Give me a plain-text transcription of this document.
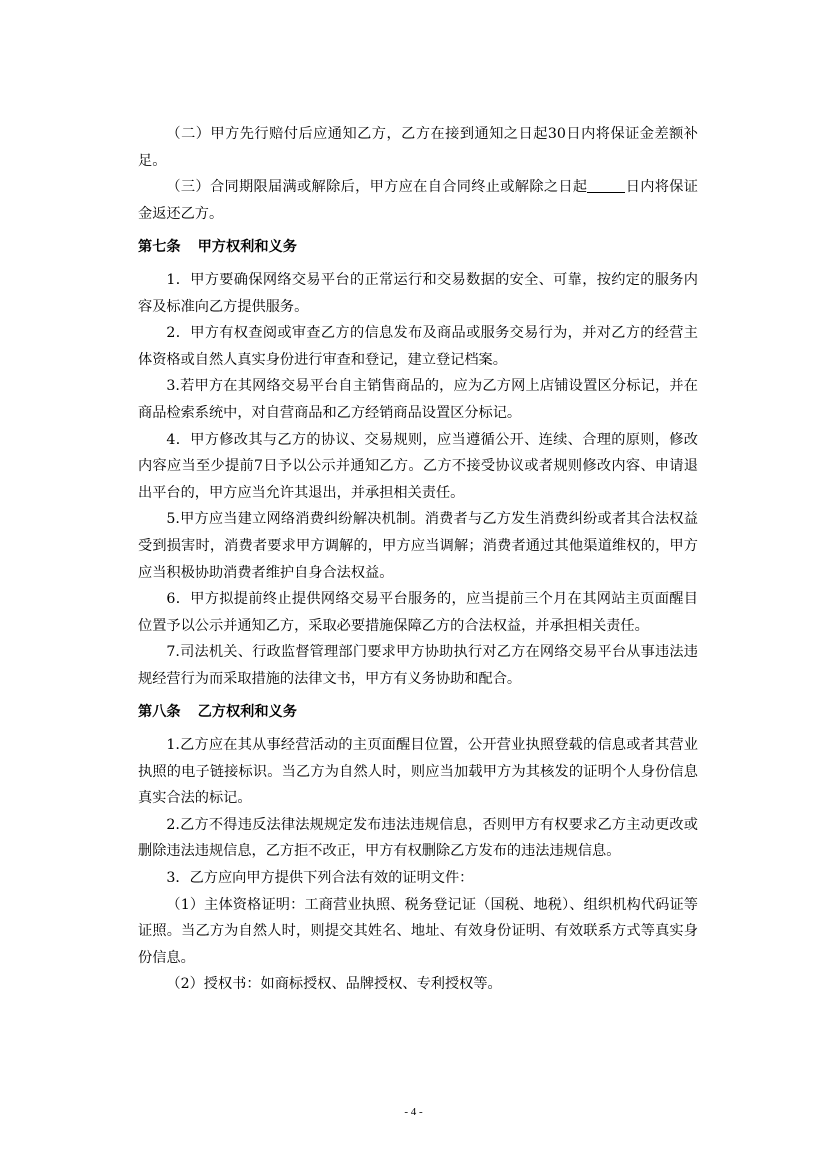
（二）甲方先行赔付后应通知乙方，乙方在接到通知之日起30日内将保证金差额补足。

（三）合同期限届满或解除后，甲方应在自合同终止或解除之日起	日内将保证金返还乙方。

第七条 甲方权利和义务

1．甲方要确保网络交易平台的正常运行和交易数据的安全、可靠，按约定的服务内容及标准向乙方提供服务。

2．甲方有权查阅或审查乙方的信息发布及商品或服务交易行为，并对乙方的经营主体资格或自然人真实身份进行审查和登记，建立登记档案。

3.若甲方在其网络交易平台自主销售商品的，应为乙方网上店铺设置区分标记，并在商品检索系统中，对自营商品和乙方经销商品设置区分标记。

4．甲方修改其与乙方的协议、交易规则，应当遵循公开、连续、合理的原则，修改内容应当至少提前7日予以公示并通知乙方。乙方不接受协议或者规则修改内容、申请退出平台的，甲方应当允许其退出，并承担相关责任。

5.甲方应当建立网络消费纠纷解决机制。消费者与乙方发生消费纠纷或者其合法权益受到损害时，消费者要求甲方调解的，甲方应当调解；消费者通过其他渠道维权的，甲方应当积极协助消费者维护自身合法权益。

6．甲方拟提前终止提供网络交易平台服务的，应当提前三个月在其网站主页面醒目位置予以公示并通知乙方，采取必要措施保障乙方的合法权益，并承担相关责任。

7.司法机关、行政监督管理部门要求甲方协助执行对乙方在网络交易平台从事违法违规经营行为而采取措施的法律文书，甲方有义务协助和配合。

第八条 乙方权利和义务

1.乙方应在其从事经营活动的主页面醒目位置，公开营业执照登载的信息或者其营业执照的电子链接标识。当乙方为自然人时，则应当加载甲方为其核发的证明个人身份信息真实合法的标记。

2.乙方不得违反法律法规规定发布违法违规信息，否则甲方有权要求乙方主动更改或删除违法违规信息，乙方拒不改正，甲方有权删除乙方发布的违法违规信息。

3．乙方应向甲方提供下列合法有效的证明文件：

（1）主体资格证明：工商营业执照、税务登记证（国税、地税）、组织机构代码证等证照。当乙方为自然人时，则提交其姓名、地址、有效身份证明、有效联系方式等真实身份信息。

（2）授权书：如商标授权、品牌授权、专利授权等。

- 4 -
